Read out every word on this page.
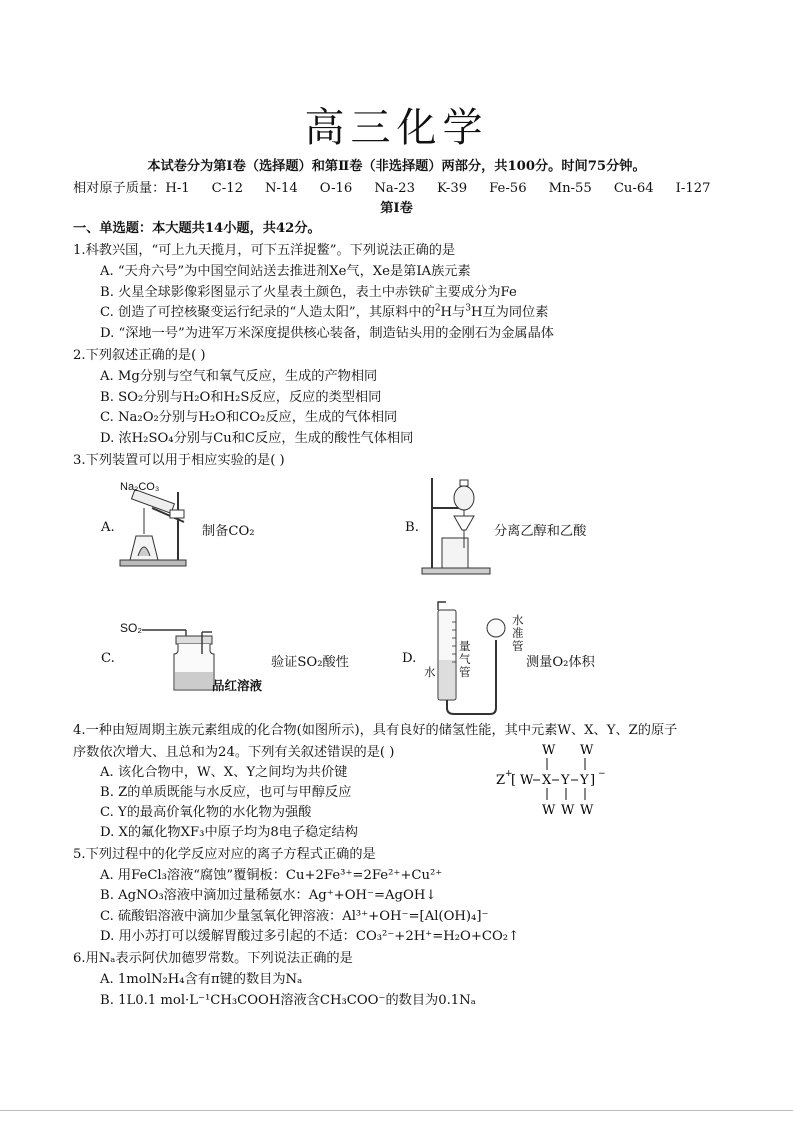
高三化学
本试卷分为第Ⅰ卷（选择题）和第Ⅱ卷（非选择题）两部分，共100分。时间75分钟。
相对原子质量：H-1 C-12 N-14 O-16 Na-23 K-39 Fe-56 Mn-55 Cu-64 I-127
第Ⅰ卷
一、单选题：本大题共14小题，共42分。
1.科教兴国，“可上九天揽月，可下五洋捉鳖”。下列说法正确的是
A. “天舟六号”为中国空间站送去推进剂Xe气，Xe是第ⅠA族元素
B. 火星全球影像彩图显示了火星表土颜色，表土中赤铁矿主要成分为Fe
C. 创造了可控核聚变运行纪录的“人造太阳”，其原料中的$^2$H与$^3$H互为同位素
D. “深地一号”为进军万米深度提供核心装备，制造钻头用的金刚石为金属晶体
2.下列叙述正确的是( )
A. Mg分别与空气和氧气反应，生成的产物相同
B. SO₂分别与H₂O和H₂S反应，反应的类型相同
C. Na₂O₂分别与H₂O和CO₂反应，生成的气体相同
D. 浓H₂SO₄分别与Cu和C反应，生成的酸性气体相同
3.下列装置可以用于相应实验的是( )
A.
Na₂CO₃
制备CO₂	B.	分离乙醇和乙酸
C.
SO₂
品红溶液
验证SO₂酸性	D.
水
量气管
水准管
测量O₂体积
4.一种由短周期主族元素组成的化合物(如图所示)，具有良好的储氢性能，其中元素W、X、Y、Z的原子
序数依次增大、且总和为24。下列有关叙述错误的是( )
A. 该化合物中，W、X、Y之间均为共价键
B. Z的单质既能与水反应，也可与甲醇反应
C. Y的最高价氧化物的水化物为强酸
D. X的氟化物XF₃中原子均为8电子稳定结构
Z +
[ W X Y Y ] −
W W
W W W
5.下列过程中的化学反应对应的离子方程式正确的是
A. 用FeCl₃溶液“腐蚀”覆铜板：Cu+2Fe³⁺=2Fe²⁺+Cu²⁺
B. AgNO₃溶液中滴加过量稀氨水：Ag⁺+OH⁻=AgOH↓
C. 硫酸铝溶液中滴加少量氢氧化钾溶液：Al³⁺+OH⁻=[Al(OH)₄]⁻
D. 用小苏打可以缓解胃酸过多引起的不适：CO₃²⁻+2H⁺=H₂O+CO₂↑
6.用Nₐ表示阿伏加德罗常数。下列说法正确的是
A. 1molN₂H₄含有π键的数目为Nₐ
B. 1L0.1 mol·L⁻¹CH₃COOH溶液含CH₃COO⁻的数目为0.1Nₐ
